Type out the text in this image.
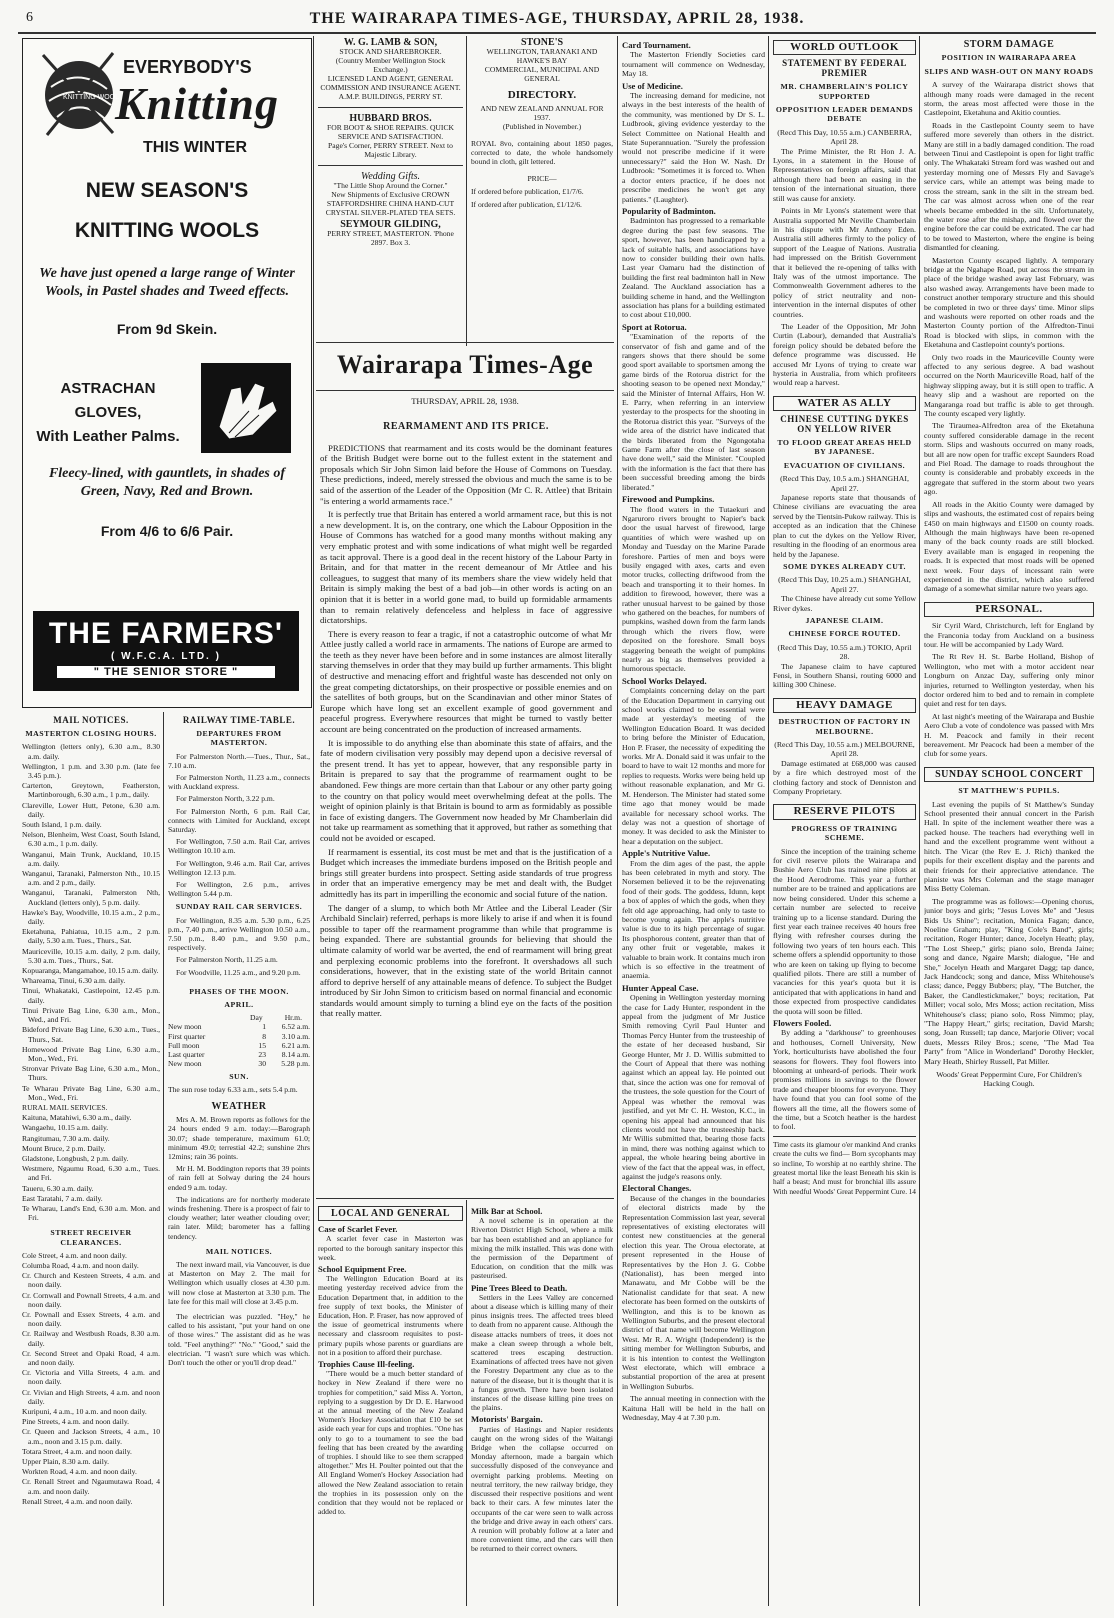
6	THE WAIRARAPA TIMES-AGE, THURSDAY, APRIL 28, 1938.
KNITTING WOOL
EVERYBODY'S
Knitting
THIS WINTER
NEW SEASON'S
KNITTING WOOLS
We have just opened a large range of Winter Wools, in Pastel shades and Tweed effects.
From 9d Skein.
ASTRACHAN
GLOVES,
With Leather Palms.
Fleecy-lined, with gauntlets, in shades of Green, Navy, Red and Brown.
From 4/6 to 6/6 Pair.
THE FARMERS'
( W.F.C.A. LTD. )
" THE SENIOR STORE "
MAIL NOTICES.
MASTERTON CLOSING HOURS.
Wellington (letters only), 6.30 a.m., 8.30 a.m. daily.
Wellington, 1 p.m. and 3.30 p.m. (late fee 3.45 p.m.).
Carterton, Greytown, Featherston, Martinborough, 6.30 a.m., 1 p.m., daily.
Clareville, Lower Hutt, Petone, 6.30 a.m. daily.
South Island, 1 p.m. daily.
Nelson, Blenheim, West Coast, South Island, 6.30 a.m., 1 p.m. daily.
Wanganui, Main Trunk, Auckland, 10.15 a.m. daily.
Wanganui, Taranaki, Palmerston Nth., 10.15 a.m. and 2 p.m., daily.
Wanganui, Taranaki, Palmerston Nth, Auckland (letters only), 5 p.m. daily.
Hawke's Bay, Woodville, 10.15 a.m., 2 p.m., daily.
Eketahuna, Pahiatua, 10.15 a.m., 2 p.m. daily, 5.30 a.m. Tues., Thurs., Sat.
Mauriceville, 10.15 a.m. daily, 2 p.m. daily, 5.30 a.m. Tues., Thurs., Sat.
Kopuaranga, Mangamahoe, 10.15 a.m. daily.
Whareama, Tinui, 6.30 a.m. daily.
Tinui, Whakataki, Castlepoint, 12.45 p.m. daily.
Tinui Private Bag Line, 6.30 a.m., Mon., Wed., and Fri.
Bideford Private Bag Line, 6.30 a.m., Tues., Thurs., Sat.
Homewood Private Bag Line, 6.30 a.m., Mon., Wed., Fri.
Stronvar Private Bag Line, 6.30 a.m., Mon., Thurs.
Te Wharau Private Bag Line, 6.30 a.m., Mon., Wed., Fri.
RURAL MAIL SERVICES.
Kaituna, Matahiwi, 6.30 a.m., daily.
Wangaehu, 10.15 a.m. daily.
Rangitumau, 7.30 a.m. daily.
Mount Bruce, 2 p.m. Daily.
Gladstone, Longbush, 2 p.m. daily.
Westmere, Ngaumu Road, 6.30 a.m., Tues. and Fri.
Taueru, 6.30 a.m. daily.
East Taratahi, 7 a.m. daily.
Te Wharau, Land's End, 6.30 a.m. Mon. and Fri.
STREET RECEIVER CLEARANCES.
Cole Street, 4 a.m. and noon daily.
Columba Road, 4 a.m. and noon daily.
Cr. Church and Kesteen Streets, 4 a.m. and noon daily.
Cr. Cornwall and Pownall Streets, 4 a.m. and noon daily.
Cr. Pownall and Essex Streets, 4 a.m. and noon daily.
Cr. Railway and Westbush Roads, 8.30 a.m. daily.
Cr. Second Street and Opaki Road, 4 a.m. and noon daily.
Cr. Victoria and Villa Streets, 4 a.m. and noon daily.
Cr. Vivian and High Streets, 4 a.m. and noon daily.
Kuripuni, 4 a.m., 10 a.m. and noon daily.
Pine Streets, 4 a.m. and noon daily.
Cr. Queen and Jackson Streets, 4 a.m., 10 a.m., noon and 3.15 p.m. daily.
Totara Street, 4 a.m. and noon daily.
Upper Plain, 8.30 a.m. daily.
Workten Road, 4 a.m. and noon daily.
Cr. Renall Street and Ngaumutawa Road, 4 a.m. and noon daily.
Renall Street, 4 a.m. and noon daily.
RAILWAY TIME-TABLE.
DEPARTURES FROM MASTERTON.

For Palmerston North.—Tues., Thur., Sat., 7.10 a.m.

For Palmerston North, 11.23 a.m., connects with Auckland express.

For Palmerston North, 3.22 p.m.

For Palmerston North, 6 p.m. Rail Car, connects with Limited for Auckland, except Saturday.

For Wellington, 7.50 a.m. Rail Car, arrives Wellington 10.10 a.m.

For Wellington, 9.46 a.m. Rail Car, arrives Wellington 12.13 p.m.

For Wellington, 2.6 p.m., arrives Wellington 5.44 p.m.

SUNDAY RAIL CAR SERVICES.

For Wellington, 8.35 a.m. 5.30 p.m., 6.25 p.m., 7.40 p.m., arrive Wellington 10.50 a.m., 7.50 p.m., 8.40 p.m., and 9.50 p.m., respectively.

For Palmerston North, 11.25 a.m.

For Woodville, 11.25 a.m., and 9.20 p.m.

PHASES OF THE MOON.
APRIL.
Day	Hr.m.
New moon	1	6.52 a.m.
First quarter	8	3.10 a.m.
Full moon	15	6.21 a.m.
Last quarter	23	8.14 a.m.
New moon	30	5.28 p.m.
SUN.
The sun rose today 6.33 a.m., sets 5.4 p.m.
WEATHER

Mrs A. M. Brown reports as follows for the 24 hours ended 9 a.m. today:—Barograph 30.07; shade temperature, maximum 61.0; minimum 49.0; terrestial 42.2; sunshine 2hrs 12mins; rain 36 points.

Mr H. M. Boddington reports that 39 points of rain fell at Solway during the 24 hours ended 9 a.m. today.

The indications are for northerly moderate winds freshening. There is a prospect of fair to cloudy weather; later weather clouding over; rain later. Mild; barometer has a falling tendency.

MAIL NOTICES.

The next inward mail, via Vancouver, is due at Masterton on May 2. The mail for Wellington which usually closes at 4.30 p.m. will now close at Masterton at 3.30 p.m. The late fee for this mail will close at 3.45 p.m.

The electrician was puzzled. "Hey," he called to his assistant, "put your hand on one of those wires." The assistant did as he was told. "Feel anything?" "No." "Good," said the electrician. "I wasn't sure which was which. Don't touch the other or you'll drop dead."

W. G. LAMB & SON,
STOCK AND SHAREBROKER.
(Country Member Wellington Stock Exchange.)
LICENSED LAND AGENT, GENERAL COMMISSION AND INSURANCE AGENT.
A.M.P. BUILDINGS, PERRY ST.
HUBBARD BROS.
FOR BOOT & SHOE REPAIRS. QUICK SERVICE AND SATISFACTION.
Page's Corner, PERRY STREET. Next to Majestic Library.
Wedding Gifts.
"The Little Shop Around the Corner."
New Shipments of Exclusive CROWN STAFFORDSHIRE CHINA HAND-CUT CRYSTAL SILVER-PLATED TEA SETS.
SEYMOUR GILDING,
PERRY STREET, MASTERTON. 'Phone 2897. Box 3.
STONE'S
WELLINGTON, TARANAKI AND HAWKE'S BAY
COMMERCIAL, MUNICIPAL AND GENERAL
DIRECTORY.
AND NEW ZEALAND ANNUAL FOR 1937.
(Published in November.)
ROYAL 8vo, containing about 1850 pages, corrected to date, the whole handsomely bound in cloth, gilt lettered.
PRICE—
If ordered before publication, £1/7/6.
If ordered after publication, £1/12/6.
Wairarapa Times-Age
THURSDAY, APRIL 28, 1938.
REARMAMENT AND ITS PRICE.

PREDICTIONS that rearmament and its costs would be the dominant features of the British Budget were borne out to the fullest extent in the statement and proposals which Sir John Simon laid before the House of Commons on Tuesday. These predictions, indeed, merely stressed the obvious and much the same is to be said of the assertion of the Leader of the Opposition (Mr C. R. Attlee) that Britain "is entering a world armaments race."

It is perfectly true that Britain has entered a world armament race, but this is not a new development. It is, on the contrary, one which the Labour Opposition in the House of Commons has watched for a good many months without making any very emphatic protest and with some indications of what might well be regarded as tacit approval. There is a good deal in the recent history of the Labour Party in Britain, and for that matter in the recent demeanour of Mr Attlee and his colleagues, to suggest that many of its members share the view widely held that Britain is simply making the best of a bad job—in other words is acting on an opinion that it is better in a world gone mad, to build up formidable armaments than to remain relatively defenceless and helpless in face of aggressive dictatorships.

There is every reason to fear a tragic, if not a catastrophic outcome of what Mr Attlee justly called a world race in armaments. The nations of Europe are armed to the teeth as they never have been before and in some instances are almost literally starving themselves in order that they may build up further armaments. This blight of destructive and menacing effort and frightful waste has descended not only on the great competing dictatorships, on their prospective or possible enemies and on the satellites of both groups, but on the Scandinavian and other minor States of Europe which have long set an excellent example of good government and peaceful progress. Everywhere resources that might be turned to vastly better account are being concentrated on the production of increased armaments.

It is impossible to do anything else than abominate this state of affairs, and the fate of modern civilisation very possibly may depend upon a decisive reversal of the present trend. It has yet to appear, however, that any responsible party in Britain is prepared to say that the programme of rearmament ought to be abandoned. Few things are more certain than that Labour or any other party going to the country on that policy would meet overwhelming defeat at the polls. The weight of opinion plainly is that Britain is bound to arm as formidably as possible in face of existing dangers. The Government now headed by Mr Chamberlain did not take up rearmament as something that it approved, but rather as something that could not be avoided or escaped.

If rearmament is essential, its cost must be met and that is the justification of a Budget which increases the immediate burdens imposed on the British people and brings still greater burdens into prospect. Setting aside standards of true progress in order that an imperative emergency may be met and dealt with, the Budget admittedly has its part in imperilling the economic and social future of the nation.

The danger of a slump, to which both Mr Attlee and the Liberal Leader (Sir Archibald Sinclair) referred, perhaps is more likely to arise if and when it is found possible to taper off the rearmament programme than while that programme is being expanded. There are substantial grounds for believing that should the ultimate calamity of world war be averted, the end of rearmament will bring great and perplexing economic problems into the forefront. It overshadows all such considerations, however, that in the existing state of the world Britain cannot afford to deprive herself of any attainable means of defence. To subject the Budget introduced by Sir John Simon to criticism based on normal financial and economic standards would amount simply to turning a blind eye on the facts of the position that really matter.

LOCAL AND GENERAL
Case of Scarlet Fever.

A scarlet fever case in Masterton was reported to the borough sanitary inspector this week.

School Equipment Free.

The Wellington Education Board at its meeting yesterday received advice from the Education Department that, in addition to the free supply of text books, the Minister of Education, Hon. P. Fraser, has now approved of the issue of geometrical instruments where necessary and classroom requisites to post-primary pupils whose parents or guardians are not in a position to afford their purchase.

Trophies Cause Ill-feeling.

"There would be a much better standard of hockey in New Zealand if there were no trophies for competition," said Miss A. Yorton, replying to a suggestion by Dr D. E. Harwood at the annual meeting of the New Zealand Women's Hockey Association that £10 be set aside each year for cups and trophies. "One has only to go to a tournament to see the bad feeling that has been created by the awarding of trophies. I should like to see them scrapped altogether." Mrs H. Poulter pointed out that the All England Women's Hockey Association had allowed the New Zealand association to retain the trophies in its possession only on the condition that they would not be replaced or added to.

Milk Bar at School.

A novel scheme is in operation at the Riverton District High School, where a milk bar has been established and an appliance for mixing the milk installed. This was done with the permission of the Department of Education, on condition that the milk was pasteurised.

Pine Trees Bleed to Death.

Settlers in the Lees Valley are concerned about a disease which is killing many of their pinus insignis trees. The affected trees bleed to death from no apparent cause. Although the disease attacks numbers of trees, it does not make a clean sweep through a whole belt, scattered trees escaping destruction. Examinations of affected trees have not given the Forestry Department any clue as to the nature of the disease, but it is thought that it is a fungus growth. There have been isolated instances of the disease killing pine trees on the plains.

Motorists' Bargain.

Parties of Hastings and Napier residents caught on the wrong sides of the Waitangi Bridge when the collapse occurred on Monday afternoon, made a bargain which successfully disposed of the conveyance and overnight parking problems. Meeting on neutral territory, the new railway bridge, they discussed their respective positions and went back to their cars. A few minutes later the occupants of the car were seen to walk across the bridge and drive away in each others' cars. A reunion will probably follow at a later and more convenient time, and the cars will then be returned to their correct owners.

Card Tournament.

The Masterton Friendly Societies card tournament will commence on Wednesday, May 18.

Use of Medicine.

The increasing demand for medicine, not always in the best interests of the health of the community, was mentioned by Dr S. L. Ludbrook, giving evidence yesterday to the Select Committee on National Health and State Superannuation. "Surely the profession would not prescribe medicine if it were unnecessary?" said the Hon W. Nash. Dr Ludbrook: "Sometimes it is forced to. When a doctor enters practice, if he does not prescribe medicines he won't get any patients." (Laughter).

Popularity of Badminton.

Badminton has progressed to a remarkable degree during the past few seasons. The sport, however, has been handicapped by a lack of suitable halls, and associations have now to consider building their own halls. Last year Oamaru had the distinction of building the first real badminton hall in New Zealand. The Auckland association has a building scheme in hand, and the Wellington association has plans for a building estimated to cost about £10,000.

Sport at Rotorua.

"Examination of the reports of the conservator of fish and game and of the rangers shows that there should be some good sport available to sportsmen among the game birds of the Rotorua district for the shooting season to be opened next Monday," said the Minister of Internal Affairs, Hon W. E. Parry, when referring in an interview yesterday to the prospects for the shooting in the Rotorua district this year. "Surveys of the wide area of the district have indicated that the birds liberated from the Ngongotaha Game Farm after the close of last season have done well," said the Minister. "Coupled with the information is the fact that there has been successful breeding among the birds liberated."

Firewood and Pumpkins.

The flood waters in the Tutaekuri and Ngaruroro rivers brought to Napier's back door the usual harvest of firewood, large quantities of which were washed up on Monday and Tuesday on the Marine Parade foreshore. Parties of men and boys were busily engaged with axes, carts and even motor trucks, collecting driftwood from the beach and transporting it to their homes. In addition to firewood, however, there was a rather unusual harvest to be gained by those who gathered on the beaches, for numbers of pumpkins, washed down from the farm lands through which the rivers flow, were deposited on the foreshore. Small boys staggering beneath the weight of pumpkins nearly as big as themselves provided a humorous spectacle.

School Works Delayed.

Complaints concerning delay on the part of the Education Department in carrying out school works claimed to be essential were made at yesterday's meeting of the Wellington Education Board. It was decided to bring before the Minister of Education, Hon P. Fraser, the necessity of expediting the works. Mr A. Donald said it was unfair to the board to have to wait 12 months and more for replies to requests. Works were being held up without reasonable explanation, and Mr G. M. Henderson. The Minister had stated some time ago that money would be made available for necessary school works. The delay was not a question of shortage of money. It was decided to ask the Minister to hear a deputation on the subject.

Apple's Nutritive Value.

From the dim ages of the past, the apple has been celebrated in myth and story. The Norsemen believed it to be the rejuvenating food of their gods. The goddess, Idunn, kept a box of apples of which the gods, when they felt old age approaching, had only to taste to become young again. The apple's nutritive value is due to its high percentage of sugar. Its phosphorous content, greater than that of any other fruit or vegetable, makes it valuable to brain work. It contains much iron which is so effective in the treatment of anaemia.

Hunter Appeal Case.

Opening in Wellington yesterday morning the case for Lady Hunter, respondent in the appeal from the judgment of Mr Justice Smith removing Cyril Paul Hunter and Thomas Percy Hunter from the trusteeship of the estate of her deceased husband, Sir George Hunter, Mr J. D. Willis submitted to the Court of Appeal that there was nothing against which an appeal lay. He pointed out that, since the action was one for removal of the trustees, the sole question for the Court of Appeal was whether the removal was justified, and yet Mr C. H. Weston, K.C., in opening his appeal had announced that his clients would not have the trusteeship back. Mr Willis submitted that, bearing those facts in mind, there was nothing against which to appeal, the whole hearing being abortive in view of the fact that the appeal was, in effect, against the judge's reasons only.

Electoral Changes.

Because of the changes in the boundaries of electoral districts made by the Representation Commission last year, several representatives of existing electorates will contest new constituencies at the general election this year. The Oroua electorate, at present represented in the House of Representatives by the Hon J. G. Cobbe (Nationalist), has been merged into Manawatu, and Mr Cobbe will be the Nationalist candidate for that seat. A new electorate has been formed on the outskirts of Wellington, and this is to be known as Wellington Suburbs, and the present electoral district of that name will become Wellington West. Mr R. A. Wright (Independent) is the sitting member for Wellington Suburbs, and it is his intention to contest the Wellington West electorate, which will embrace a substantial proportion of the area at present in Wellington Suburbs.

The annual meeting in connection with the Kaituna Hall will be held in the hall on Wednesday, May 4 at 7.30 p.m.

WORLD OUTLOOK
STATEMENT BY FEDERAL PREMIER
MR. CHAMBERLAIN'S POLICY SUPPORTED
OPPOSITION LEADER DEMANDS DEBATE
(Recd This Day, 10.55 a.m.) CANBERRA, April 28.

The Prime Minister, the Rt Hon J. A. Lyons, in a statement in the House of Representatives on foreign affairs, said that although there had been an easing in the tension of the international situation, there still was cause for anxiety.

Points in Mr Lyons's statement were that Australia supported Mr Neville Chamberlain in his dispute with Mr Anthony Eden. Australia still adheres firmly to the policy of support of the League of Nations. Australia had impressed on the British Government that it believed the re-opening of talks with Italy was of the utmost importance. The Commonwealth Government adheres to the policy of strict neutrality and non-intervention in the internal disputes of other countries.

The Leader of the Opposition, Mr John Curtin (Labour), demanded that Australia's foreign policy should be debated before the defence programme was discussed. He accused Mr Lyons of trying to create war hysteria in Australia, from which profiteers would reap a harvest.

WATER AS ALLY
CHINESE CUTTING DYKES ON YELLOW RIVER
TO FLOOD GREAT AREAS HELD BY JAPANESE.
EVACUATION OF CIVILIANS.
(Recd This Day, 10.5 a.m.) SHANGHAI, April 27.

Japanese reports state that thousands of Chinese civilians are evacuating the area served by the Tientsin-Pukow railway. This is accepted as an indication that the Chinese plan to cut the dykes on the Yellow River, resulting in the flooding of an enormous area held by the Japanese.

SOME DYKES ALREADY CUT.
(Recd This Day, 10.25 a.m.) SHANGHAI, April 27.

The Chinese have already cut some Yellow River dykes.

JAPANESE CLAIM.
CHINESE FORCE ROUTED.
(Recd This Day, 10.55 a.m.) TOKIO, April 28.

The Japanese claim to have captured Fensi, in Southern Shansi, routing 6000 and killing 300 Chinese.

HEAVY DAMAGE
DESTRUCTION OF FACTORY IN MELBOURNE.
(Recd This Day, 10.55 a.m.) MELBOURNE, April 28.

Damage estimated at £68,000 was caused by a fire which destroyed most of the clothing factory and stock of Denniston and Company Proprietary.

RESERVE PILOTS
PROGRESS OF TRAINING SCHEME.

Since the inception of the training scheme for civil reserve pilots the Wairarapa and Bushie Aero Club has trained nine pilots at the Hood Aerodrome. This year a further number are to be trained and applications are now being considered. Under this scheme a certain number are selected to receive training up to a license standard. During the first year each trainee receives 40 hours free flying with refresher courses during the following two years of ten hours each. This scheme offers a splendid opportunity to those who are keen on taking up flying to become qualified pilots. There are still a number of vacancies for this year's quota but it is anticipated that with applications in hand and those expected from prospective candidates the quota will soon be filled.

Flowers Fooled.

By adding a "darkhouse" to greenhouses and hothouses, Cornell University, New York, horticulturists have abolished the four seasons for flowers. They fool flowers into blooming at unheard-of periods. Their work promises millions in savings to the flower trade and cheaper blooms for everyone. They have found that you can fool some of the flowers all the time, all the flowers some of the time, but a Scotch heather is the hardest to fool.

Time casts its glamour o'er mankind And cranks create the cults we find— Born sycophants may so incline, To worship at no earthly shrine. The greatest mortal like the least Beneath his skin is half a beast; And must for bronchial ills assure With needful Woods' Great Peppermint Cure. 14
STORM DAMAGE
POSITION IN WAIRARAPA AREA
SLIPS AND WASH-OUT ON MANY ROADS

A survey of the Wairarapa district shows that although many roads were damaged in the recent storm, the areas most affected were those in the Castlepoint, Eketahuna and Akitio counties.

Roads in the Castlepoint County seem to have suffered more severely than others in the district. Many are still in a badly damaged condition. The road between Tinui and Castlepoint is open for light traffic only. The Whakataki Stream ford was washed out and yesterday morning one of Messrs Fly and Savage's service cars, while an attempt was being made to cross the stream, sank in the silt in the stream bed. The car was almost across when one of the rear wheels became embedded in the silt. Unfortunately, the water rose after the mishap, and flowed over the engine before the car could be extricated. The car had to be towed to Masterton, where the engine is being dismantled for cleaning.

Masterton County escaped lightly. A temporary bridge at the Ngahape Road, put across the stream in place of the bridge washed away last February, was also washed away. Arrangements have been made to construct another temporary structure and this should be completed in two or three days' time. Minor slips and washouts were reported on other roads and the Masterton County portion of the Alfredton-Tinui Road is blocked with slips, in common with the Eketahuna and Castlepoint county's portions.

Only two roads in the Mauriceville County were affected to any serious degree. A bad washout occurred on the North Mauriceville Road, half of the highway slipping away, but it is still open to traffic. A heavy slip and a washout are reported on the Mangaranga road but traffic is able to get through. The county escaped very lightly.

The Tiraumea-Alfredton area of the Eketahuna county suffered considerable damage in the recent storm. Slips and washouts occurred on many roads, but all are now open for traffic except Saunders Road and Piel Road. The damage to roads throughout the county is considerable and probably exceeds in the aggregate that suffered in the storm about two years ago.

All roads in the Akitio County were damaged by slips and washouts, the estimated cost of repairs being £450 on main highways and £1500 on county roads. Although the main highways have been re-opened many of the back county roads are still blocked. Every available man is engaged in reopening the roads. It is expected that most roads will be opened next week. Four days of incessant rain were experienced in the district, which also suffered damage of a somewhat similar nature two years ago.

PERSONAL.

Sir Cyril Ward, Christchurch, left for England by the Franconia today from Auckland on a business tour. He will be accompanied by Lady Ward.

The Rt Rev H. St. Barbe Holland, Bishop of Wellington, who met with a motor accident near Longburn on Anzac Day, suffering only minor injuries, returned to Wellington yesterday, when his doctor ordered him to bed and to remain in complete quiet and rest for ten days.

At last night's meeting of the Wairarapa and Bushie Aero Club a vote of condolence was passed with Mrs H. M. Peacock and family in their recent bereavement. Mr Peacock had been a member of the club for some years.

SUNDAY SCHOOL CONCERT
ST MATTHEW'S PUPILS.

Last evening the pupils of St Matthew's Sunday School presented their annual concert in the Parish Hall. In spite of the inclement weather there was a packed house. The teachers had everything well in hand and the excellent programme went without a hitch. The Vicar (the Rev E. J. Rich) thanked the pupils for their excellent display and the parents and their friends for their appreciative attendance. The pianiste was Mrs Coleman and the stage manager Miss Betty Coleman.

The programme was as follows:—Opening chorus, junior boys and girls; "Jesus Loves Me" and "Jesus Bids Us Shine"; recitation, Monica Fagan; dance, Noeline Graham; play, "King Cole's Band", girls; recitation, Roger Hunter; dance, Jocelyn Heath; play, "The Lost Sheep," girls; piano solo, Brenda Jaine; song and dance, Ngaire Marsh; dialogue, "He and She," Jocelyn Heath and Margaret Dagg; tap dance, Jack Handcock; song and dance, Miss Whitehouse's class; dance, Peggy Bubbers; play, "The Butcher, the Baker, the Candlestickmaker," boys; recitation, Pat Miller; vocal solo, Mrs Moss; action recitation, Miss Whitehouse's class; piano solo, Ross Nimmo; play, "The Happy Heart," girls; recitation, David Marsh; song, Joan Russell; tap dance, Marjorie Oliver; vocal duets, Messrs Riley Bros.; scene, "The Mad Tea Party" from "Alice in Wonderland" Dorothy Heckler, Mary Heath, Shirley Russell, Pat Miller.

Woods' Great Peppermint Cure, For Children's Hacking Cough.
